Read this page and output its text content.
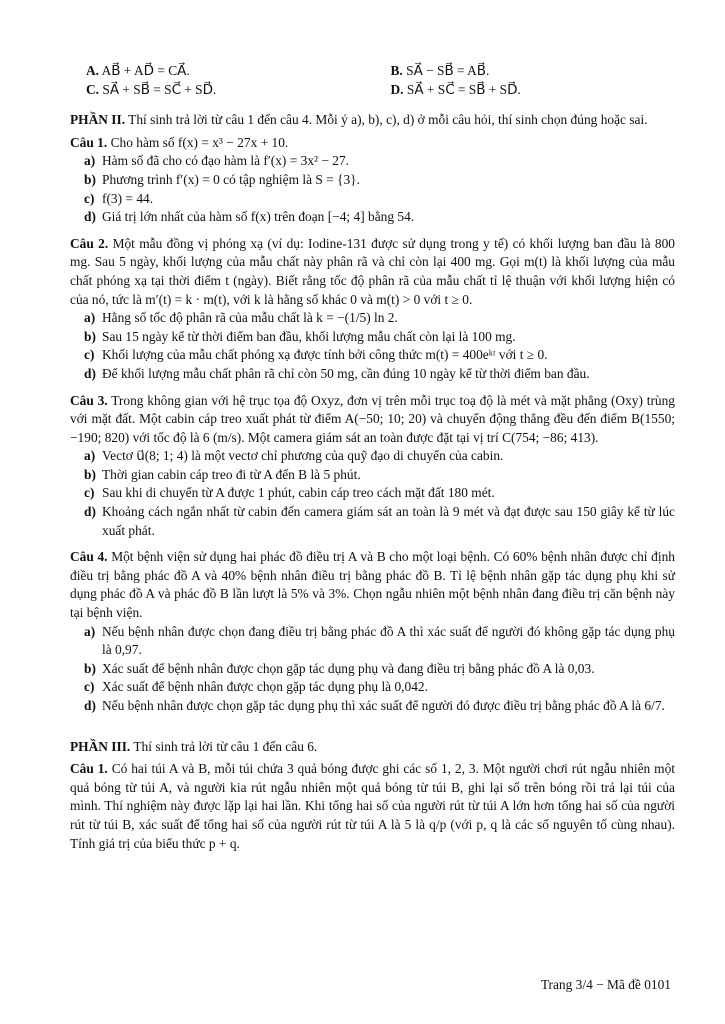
A. AB⃗ + AD⃗ = CA⃗.	B. SA⃗ − SB⃗ = AB⃗.
C. SA⃗ + SB⃗ = SC⃗ + SD⃗.	D. SA⃗ + SC⃗ = SB⃗ + SD⃗.
PHẦN II. Thí sinh trả lời từ câu 1 đến câu 4. Mỗi ý a), b), c), d) ở mỗi câu hỏi, thí sinh chọn đúng hoặc sai.
Câu 1. Cho hàm số f(x) = x³ − 27x + 10.
a) Hàm số đã cho có đạo hàm là f′(x) = 3x² − 27.
b) Phương trình f′(x) = 0 có tập nghiệm là S = {3}.
c) f(3) = 44.
d) Giá trị lớn nhất của hàm số f(x) trên đoạn [−4; 4] bằng 54.
Câu 2. Một mẫu đồng vị phóng xạ (ví dụ: Iodine-131 được sử dụng trong y tế) có khối lượng ban đầu là 800 mg. Sau 5 ngày, khối lượng của mẫu chất này phân rã và chỉ còn lại 400 mg. Gọi m(t) là khối lượng của mẫu chất phóng xạ tại thời điểm t (ngày). Biết rằng tốc độ phân rã của mẫu chất tỉ lệ thuận với khối lượng hiện có của nó, tức là m′(t) = k · m(t), với k là hằng số khác 0 và m(t) > 0 với t ≥ 0.
a) Hằng số tốc độ phân rã của mẫu chất là k = −(1/5) ln 2.
b) Sau 15 ngày kể từ thời điểm ban đầu, khối lượng mẫu chất còn lại là 100 mg.
c) Khối lượng của mẫu chất phóng xạ được tính bởi công thức m(t) = 400eᵏᵗ với t ≥ 0.
d) Để khối lượng mẫu chất phân rã chỉ còn 50 mg, cần đúng 10 ngày kể từ thời điểm ban đầu.
Câu 3. Trong không gian với hệ trục tọa độ Oxyz, đơn vị trên mỗi trục toạ độ là mét và mặt phẳng (Oxy) trùng với mặt đất. Một cabin cáp treo xuất phát từ điểm A(−50; 10; 20) và chuyển động thẳng đều đến điểm B(1550; −190; 820) với tốc độ là 6 (m/s). Một camera giám sát an toàn được đặt tại vị trí C(754; −86; 413).
a) Vectơ u⃗(8; 1; 4) là một vectơ chỉ phương của quỹ đạo di chuyển của cabin.
b) Thời gian cabin cáp treo đi từ A đến B là 5 phút.
c) Sau khi di chuyển từ A được 1 phút, cabin cáp treo cách mặt đất 180 mét.
d) Khoảng cách ngắn nhất từ cabin đến camera giám sát an toàn là 9 mét và đạt được sau 150 giây kể từ lúc xuất phát.
Câu 4. Một bệnh viện sử dụng hai phác đồ điều trị A và B cho một loại bệnh. Có 60% bệnh nhân được chỉ định điều trị bằng phác đồ A và 40% bệnh nhân điều trị bằng phác đồ B. Tỉ lệ bệnh nhân gặp tác dụng phụ khi sử dụng phác đồ A và phác đồ B lần lượt là 5% và 3%. Chọn ngẫu nhiên một bệnh nhân đang điều trị căn bệnh này tại bệnh viện.
a) Nếu bệnh nhân được chọn đang điều trị bằng phác đồ A thì xác suất để người đó không gặp tác dụng phụ là 0,97.
b) Xác suất để bệnh nhân được chọn gặp tác dụng phụ và đang điều trị bằng phác đồ A là 0,03.
c) Xác suất để bệnh nhân được chọn gặp tác dụng phụ là 0,042.
d) Nếu bệnh nhân được chọn gặp tác dụng phụ thì xác suất để người đó được điều trị bằng phác đồ A là 6/7.
PHẦN III. Thí sinh trả lời từ câu 1 đến câu 6.
Câu 1. Có hai túi A và B, mỗi túi chứa 3 quả bóng được ghi các số 1, 2, 3. Một người chơi rút ngẫu nhiên một quả bóng từ túi A, và người kia rút ngẫu nhiên một quả bóng từ túi B, ghi lại số trên bóng rồi trả lại túi của mình. Thí nghiệm này được lặp lại hai lần. Khi tổng hai số của người rút từ túi A lớn hơn tổng hai số của người rút từ túi B, xác suất để tổng hai số của người rút từ túi A là 5 là q/p (với p, q là các số nguyên tố cùng nhau). Tính giá trị của biểu thức p + q.
Trang 3/4 − Mã đề 0101
